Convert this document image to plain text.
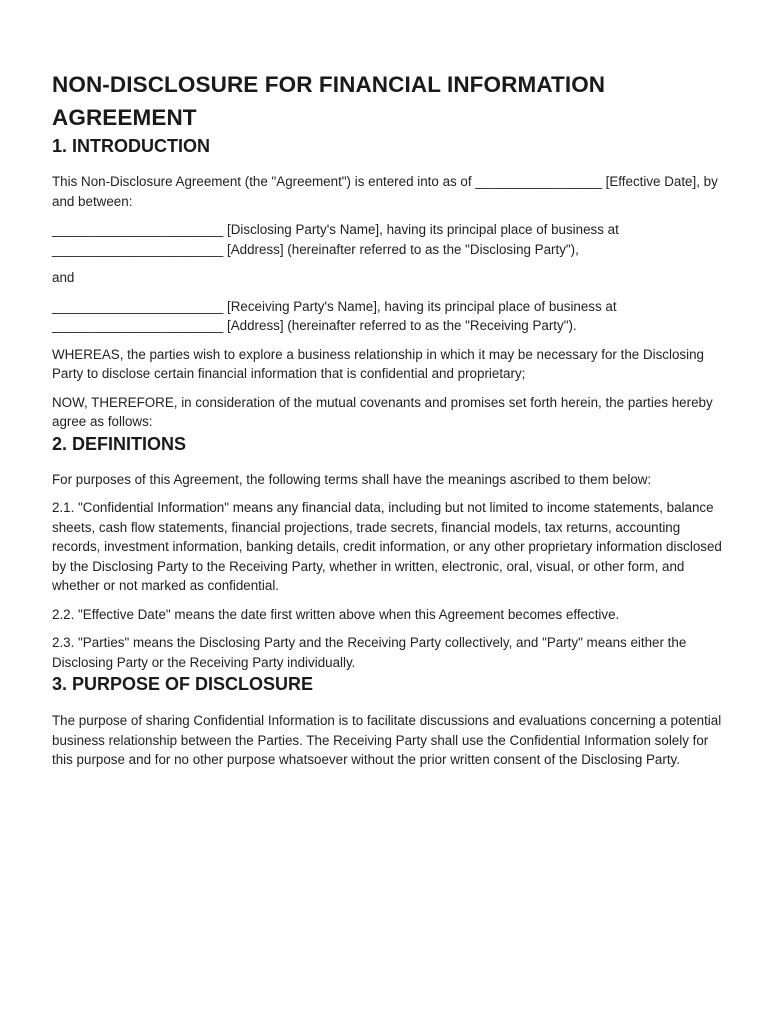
NON-DISCLOSURE FOR FINANCIAL INFORMATION AGREEMENT
1. INTRODUCTION

This Non-Disclosure Agreement (the "Agreement") is entered into as of _________________ [Effective Date], by and between:

_______________________ [Disclosing Party's Name], having its principal place of business at _______________________ [Address] (hereinafter referred to as the "Disclosing Party"),

and

_______________________ [Receiving Party's Name], having its principal place of business at _______________________ [Address] (hereinafter referred to as the "Receiving Party").

WHEREAS, the parties wish to explore a business relationship in which it may be necessary for the Disclosing Party to disclose certain financial information that is confidential and proprietary;

NOW, THEREFORE, in consideration of the mutual covenants and promises set forth herein, the parties hereby agree as follows:

2. DEFINITIONS

For purposes of this Agreement, the following terms shall have the meanings ascribed to them below:

2.1. "Confidential Information" means any financial data, including but not limited to income statements, balance sheets, cash flow statements, financial projections, trade secrets, financial models, tax returns, accounting records, investment information, banking details, credit information, or any other proprietary information disclosed by the Disclosing Party to the Receiving Party, whether in written, electronic, oral, visual, or other form, and whether or not marked as confidential.

2.2. "Effective Date" means the date first written above when this Agreement becomes effective.

2.3. "Parties" means the Disclosing Party and the Receiving Party collectively, and "Party" means either the Disclosing Party or the Receiving Party individually.

3. PURPOSE OF DISCLOSURE

The purpose of sharing Confidential Information is to facilitate discussions and evaluations concerning a potential business relationship between the Parties. The Receiving Party shall use the Confidential Information solely for this purpose and for no other purpose whatsoever without the prior written consent of the Disclosing Party.
